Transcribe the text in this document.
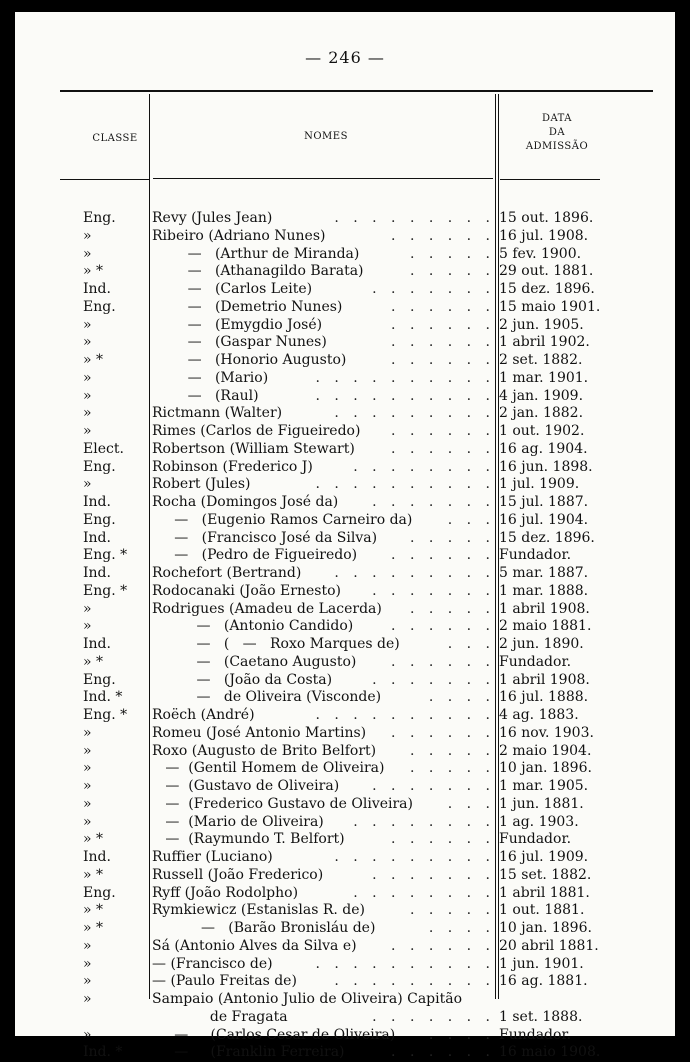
— 246 —
CLASSE	NOMES
DATA
DA
ADMISSÃO
Eng.	Revy (Jules Jean)	. . . . . . . . . 15 out. 1896.
»	Ribeiro (Adriano Nunes)	. . . . . . 16 jul. 1908.
»	—   (Arthur de Miranda)	. . . . . 5 fev. 1900.
» *	—   (Athanagildo Barata)	. . . . . 29 out. 1881.
Ind.	—   (Carlos Leite)	. . . . . . . 15 dez. 1896.
Eng.	—   (Demetrio Nunes)	. . . . . . 15 maio 1901.
»	—   (Emygdio José)	. . . . . . 2 jun. 1905.
»	—   (Gaspar Nunes)	. . . . . . 1 abril 1902.
» *	—   (Honorio Augusto)	. . . . . . 2 set. 1882.
»	—   (Mario)	. . . . . . . . . . 1 mar. 1901.
»	—   (Raul)	. . . . . . . . . . 4 jan. 1909.
»	Rictmann (Walter)	. . . . . . . . . 2 jan. 1882.
»	Rimes (Carlos de Figueiredo) . . . . . . 1 out. 1902.
Elect.	Robertson (William Stewart)	. . . . . . 16 ag. 1904.
Eng.	Robinson (Frederico J)	. . . . . . . . 16 jun. 1898.
»	Robert (Jules)	. . . . . . . . . . 1 jul. 1909.
Ind.	Rocha (Domingos José da) . . . . . . . 15 jul. 1887.
Eng.	—   (Eugenio Ramos Carneiro da)	. . . 16 jul. 1904.
Ind.	—   (Francisco José da Silva) . . . . . 15 dez. 1896.
Eng. *	—   (Pedro de Figueiredo) . . . . . . Fundador.
Ind.	Rochefort (Bertrand) . . . . . . . . . 5 mar. 1887.
Eng. *	Rodocanaki (João Ernesto) . . . . . . . 1 mar. 1888.
»	Rodrigues (Amadeu de Lacerda) . . . . . 1 abril 1908.
»	—   (Antonio Candido)	. . . . . . 2 maio 1881.
Ind.	—   (   —   Roxo Marques de)	. . . 2 jun. 1890.
» *	—   (Caetano Augusto) . . . . . . Fundador.
Eng.	—   (João da Costa)	. . . . . . . 1 abril 1908.
Ind. *	—   de Oliveira (Visconde)	. . . . 16 jul. 1888.
Eng. *	Roëch (André)	. . . . . . . . . . 4 ag. 1883.
»	Romeu (José Antonio Martins) . . . . . . 16 nov. 1903.
»	Roxo (Augusto de Brito Belfort) . . . . . 2 maio 1904.
»	—  (Gentil Homem de Oliveira) . . . . . 10 jan. 1896.
»	—  (Gustavo de Oliveira) . . . . . . . 1 mar. 1905.
»	—  (Frederico Gustavo de Oliveira) . . . 1 jun. 1881.
»	—  (Mario de Oliveira) . . . . . . . . 1 ag. 1903.
» *	—  (Raymundo T. Belfort)	. . . . . . Fundador.
Ind.	Ruffier (Luciano)	. . . . . . . . . 16 jul. 1909.
» *	Russell (João Frederico)	. . . . . . . 15 set. 1882.
Eng.	Ryff (João Rodolpho)	. . . . . . . . 1 abril 1881.
» *	Rymkiewicz (Estanislas R. de)	. . . . . 1 out. 1881.
» *	—   (Barão Bronisláu de)	. . . . 10 jan. 1896.
»	Sá (Antonio Alves da Silva e) . . . . . . 20 abril 1881.
»	— (Francisco de)	. . . . . . . . . . 1 jun. 1901.
»	— (Paulo Freitas de)	. . . . . . . . . 16 ag. 1881.
»	Sampaio (Antonio Julio de Oliveira) Capitão
de Fragata	. . . . . . . 1 set. 1888.
»	—     (Carlos Cesar de Oliveira) . . . . Fundador.
Ind. *	—     (Franklin Ferreira)	. . . . . . 16 maio 1908.
